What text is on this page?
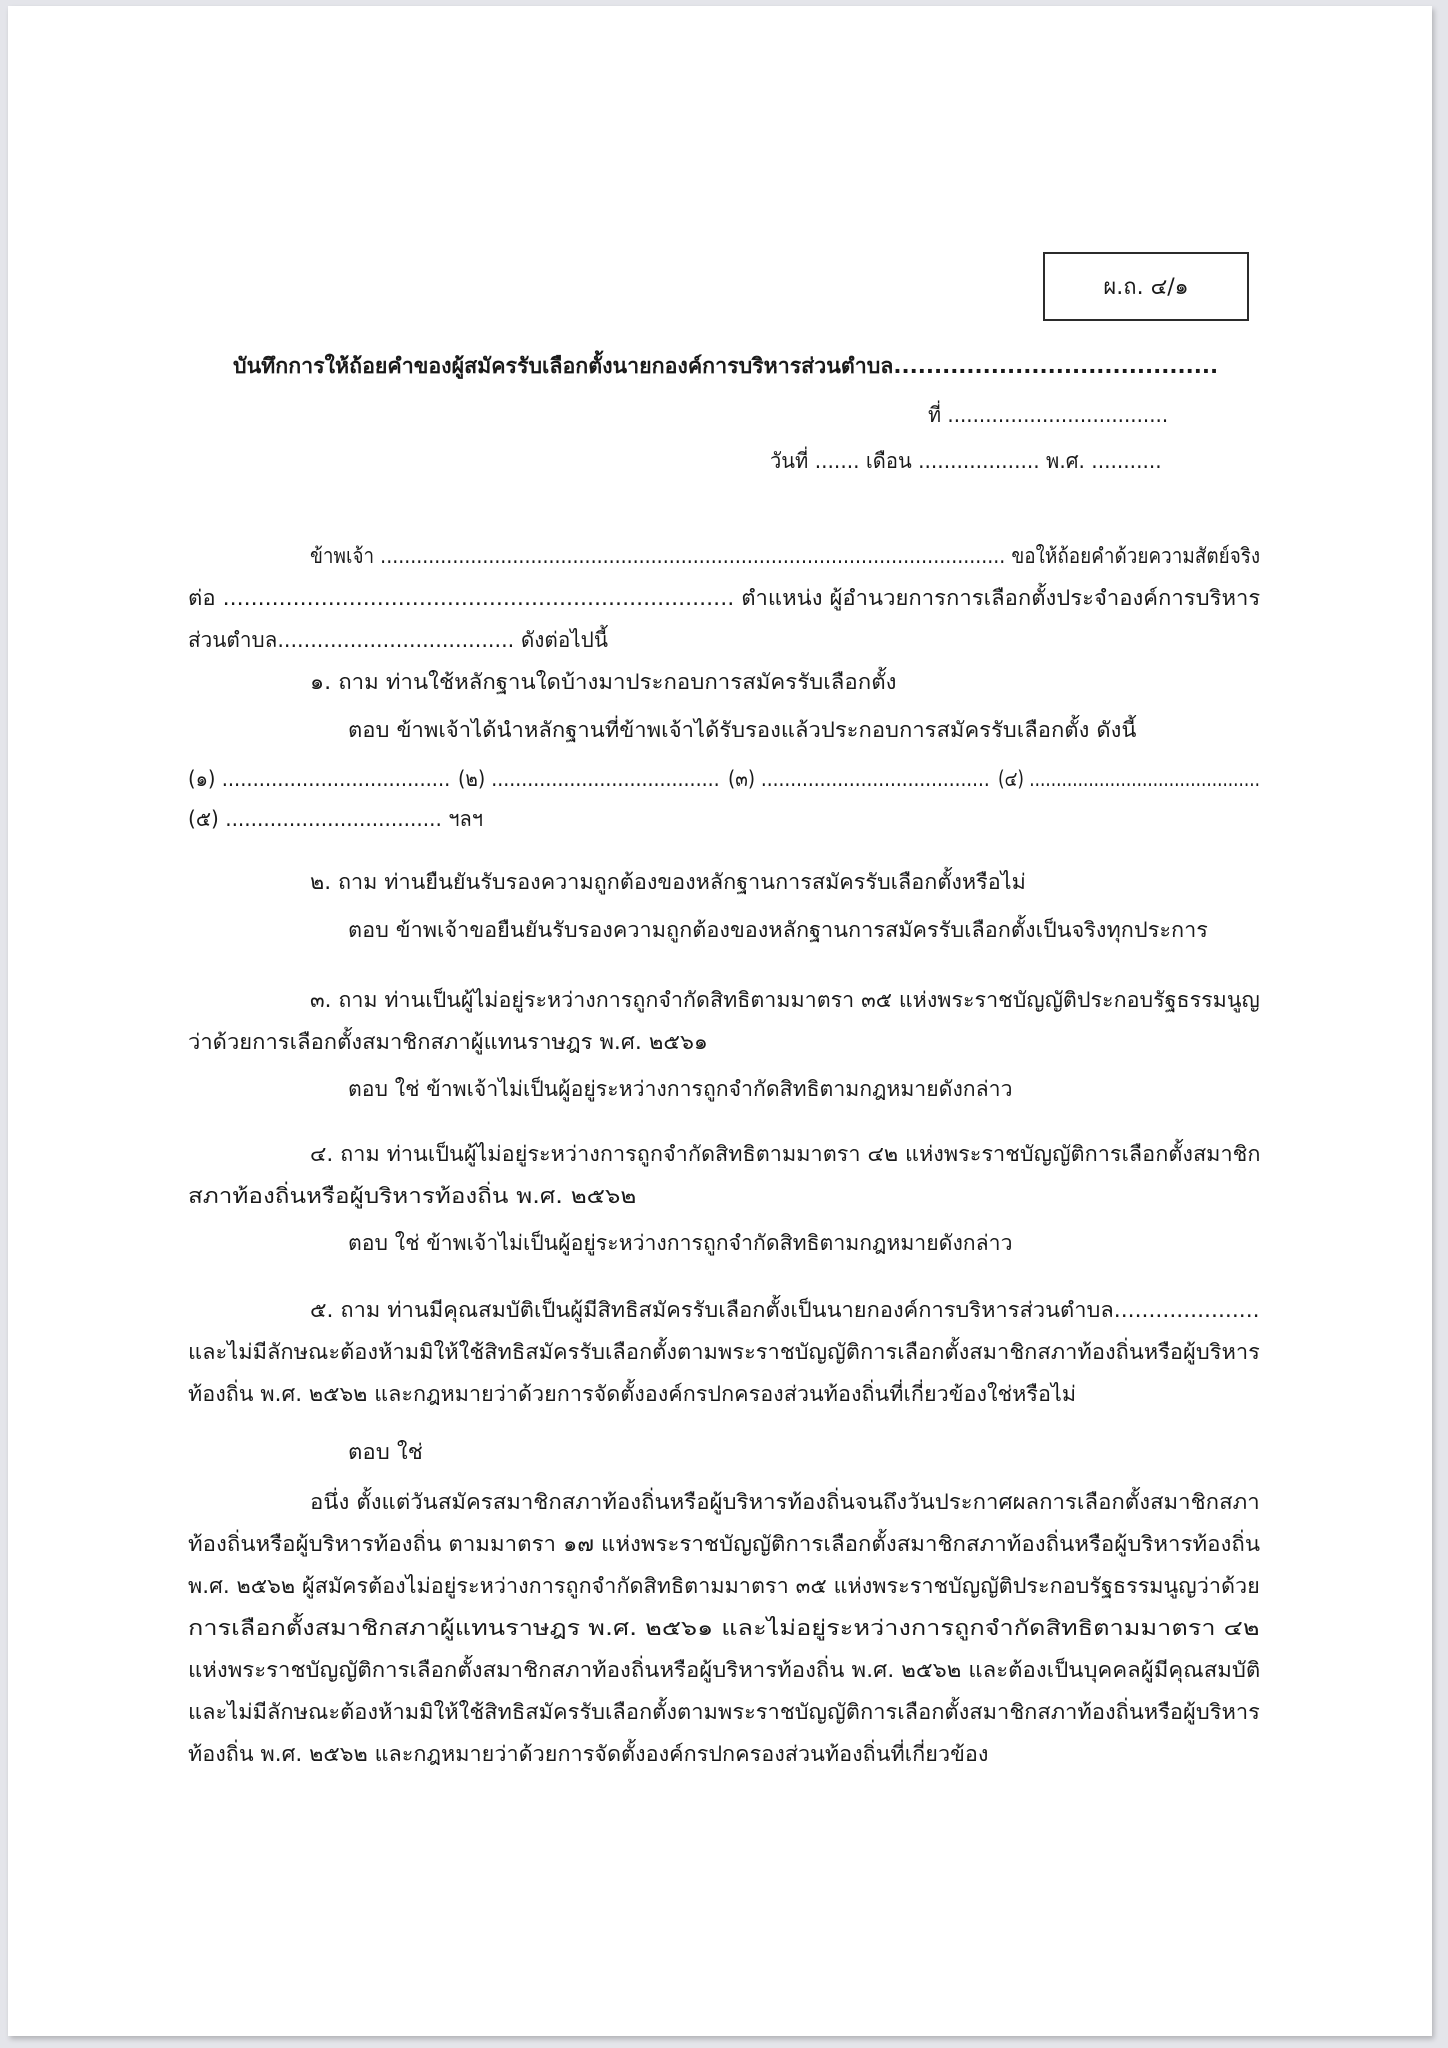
ผ.ถ. ๔/๑
บันทึกการให้ถ้อยคำของผู้สมัครรับเลือกตั้งนายกองค์การบริหารส่วนตำบล........................................
ที่ ...................................
วันที่ ....... เดือน ................... พ.ศ. ...........
ข้าพเจ้า ........................................................................................................ ขอให้ถ้อยคำด้วยความสัตย์จริง
ต่อ ......................................................................... ตำแหน่ง ผู้อำนวยการการเลือกตั้งประจำองค์การบริหาร
ส่วนตำบล.................................... ดังต่อไปนี้
๑. ถาม ท่านใช้หลักฐานใดบ้างมาประกอบการสมัครรับเลือกตั้ง
ตอบ ข้าพเจ้าได้นำหลักฐานที่ข้าพเจ้าได้รับรองแล้วประกอบการสมัครรับเลือกตั้ง ดังนี้
(๑) ..................................... (๒) ...................................... (๓) ....................................... (๔) ...........................................
(๕) .................................. ฯลฯ
๒. ถาม ท่านยืนยันรับรองความถูกต้องของหลักฐานการสมัครรับเลือกตั้งหรือไม่
ตอบ ข้าพเจ้าขอยืนยันรับรองความถูกต้องของหลักฐานการสมัครรับเลือกตั้งเป็นจริงทุกประการ
๓. ถาม ท่านเป็นผู้ไม่อยู่ระหว่างการถูกจำกัดสิทธิตามมาตรา ๓๕ แห่งพระราชบัญญัติประกอบรัฐธรรมนูญ
ว่าด้วยการเลือกตั้งสมาชิกสภาผู้แทนราษฎร พ.ศ. ๒๕๖๑
ตอบ ใช่ ข้าพเจ้าไม่เป็นผู้อยู่ระหว่างการถูกจำกัดสิทธิตามกฎหมายดังกล่าว
๔. ถาม ท่านเป็นผู้ไม่อยู่ระหว่างการถูกจำกัดสิทธิตามมาตรา ๔๒ แห่งพระราชบัญญัติการเลือกตั้งสมาชิก
สภาท้องถิ่นหรือผู้บริหารท้องถิ่น พ.ศ. ๒๕๖๒
ตอบ ใช่ ข้าพเจ้าไม่เป็นผู้อยู่ระหว่างการถูกจำกัดสิทธิตามกฎหมายดังกล่าว
๕. ถาม ท่านมีคุณสมบัติเป็นผู้มีสิทธิสมัครรับเลือกตั้งเป็นนายกองค์การบริหารส่วนตำบล.....................
และไม่มีลักษณะต้องห้ามมิให้ใช้สิทธิสมัครรับเลือกตั้งตามพระราชบัญญัติการเลือกตั้งสมาชิกสภาท้องถิ่นหรือผู้บริหาร
ท้องถิ่น พ.ศ. ๒๕๖๒ และกฎหมายว่าด้วยการจัดตั้งองค์กรปกครองส่วนท้องถิ่นที่เกี่ยวข้องใช่หรือไม่
ตอบ ใช่
อนึ่ง ตั้งแต่วันสมัครสมาชิกสภาท้องถิ่นหรือผู้บริหารท้องถิ่นจนถึงวันประกาศผลการเลือกตั้งสมาชิกสภา
ท้องถิ่นหรือผู้บริหารท้องถิ่น ตามมาตรา ๑๗ แห่งพระราชบัญญัติการเลือกตั้งสมาชิกสภาท้องถิ่นหรือผู้บริหารท้องถิ่น
พ.ศ. ๒๕๖๒ ผู้สมัครต้องไม่อยู่ระหว่างการถูกจำกัดสิทธิตามมาตรา ๓๕ แห่งพระราชบัญญัติประกอบรัฐธรรมนูญว่าด้วย
การเลือกตั้งสมาชิกสภาผู้แทนราษฎร พ.ศ. ๒๕๖๑ และไม่อยู่ระหว่างการถูกจำกัดสิทธิตามมาตรา ๔๒
แห่งพระราชบัญญัติการเลือกตั้งสมาชิกสภาท้องถิ่นหรือผู้บริหารท้องถิ่น พ.ศ. ๒๕๖๒ และต้องเป็นบุคคลผู้มีคุณสมบัติ
และไม่มีลักษณะต้องห้ามมิให้ใช้สิทธิสมัครรับเลือกตั้งตามพระราชบัญญัติการเลือกตั้งสมาชิกสภาท้องถิ่นหรือผู้บริหาร
ท้องถิ่น พ.ศ. ๒๕๖๒ และกฎหมายว่าด้วยการจัดตั้งองค์กรปกครองส่วนท้องถิ่นที่เกี่ยวข้อง
